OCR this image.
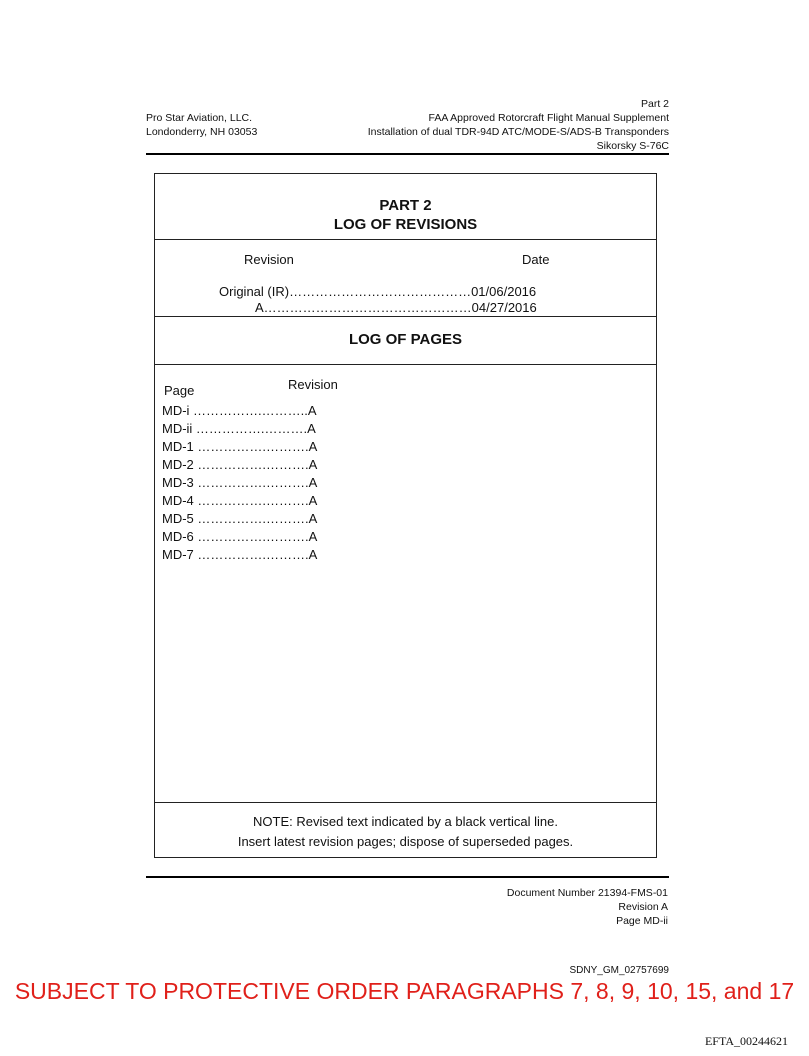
Pro Star Aviation, LLC.
Londonderry, NH 03053
Part 2
FAA Approved Rotorcraft Flight Manual Supplement
Installation of dual TDR-94D ATC/MODE-S/ADS-B Transponders
Sikorsky S-76C
PART 2
LOG OF REVISIONS
Revision	Date
Original (IR)……………………………………01/06/2016
A…………………………………………04/27/2016
LOG OF PAGES
Page	Revision
MD-i …………….………..A
MD-ii …………….……….A
MD-1 …………….……….A
MD-2 …………….……….A
MD-3 …………….……….A
MD-4 …………….……….A
MD-5 …………….……….A
MD-6 …………….……….A
MD-7 …………….……….A
NOTE: Revised text indicated by a black vertical line.
Insert latest revision pages; dispose of superseded pages.
Document Number 21394-FMS-01
Revision A
Page MD-ii
SDNY_GM_02757699
SUBJECT TO PROTECTIVE ORDER PARAGRAPHS 7, 8, 9, 10, 15, and 17
EFTA_00244621
